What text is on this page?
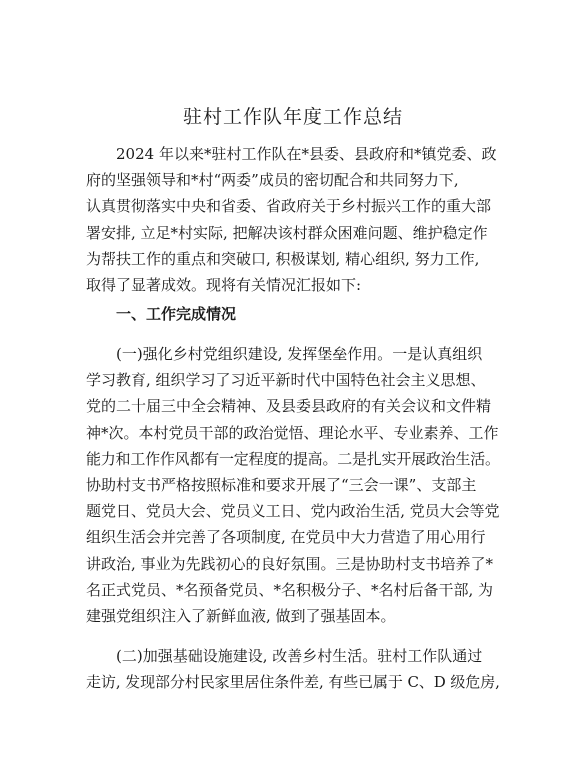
驻村工作队年度工作总结
2024 年以来*驻村工作队在*县委、县政府和*镇党委、政
府的坚强领导和*村“两委”成员的密切配合和共同努力下,
认真贯彻落实中央和省委、省政府关于乡村振兴工作的重大部
署安排, 立足*村实际, 把解决该村群众困难问题、维护稳定作
为帮扶工作的重点和突破口, 积极谋划, 精心组织, 努力工作,
取得了显著成效。现将有关情况汇报如下:
一、工作完成情况
(一)强化乡村党组织建设, 发挥堡垒作用。一是认真组织
学习教育, 组织学习了习近平新时代中国特色社会主义思想、
党的二十届三中全会精神、及县委县政府的有关会议和文件精
神*次。本村党员干部的政治觉悟、理论水平、专业素养、工作
能力和工作作风都有一定程度的提高。二是扎实开展政治生活。
协助村支书严格按照标准和要求开展了“三会一课”、支部主
题党日、党员大会、党员义工日、党内政治生活, 党员大会等党
组织生活会并完善了各项制度, 在党员中大力营造了用心用行
讲政治, 事业为先践初心的良好氛围。三是协助村支书培养了*
名正式党员、*名预备党员、*名积极分子、*名村后备干部, 为
建强党组织注入了新鲜血液, 做到了强基固本。
(二)加强基础设施建设, 改善乡村生活。驻村工作队通过
走访, 发现部分村民家里居住条件差, 有些已属于 C、D 级危房,
